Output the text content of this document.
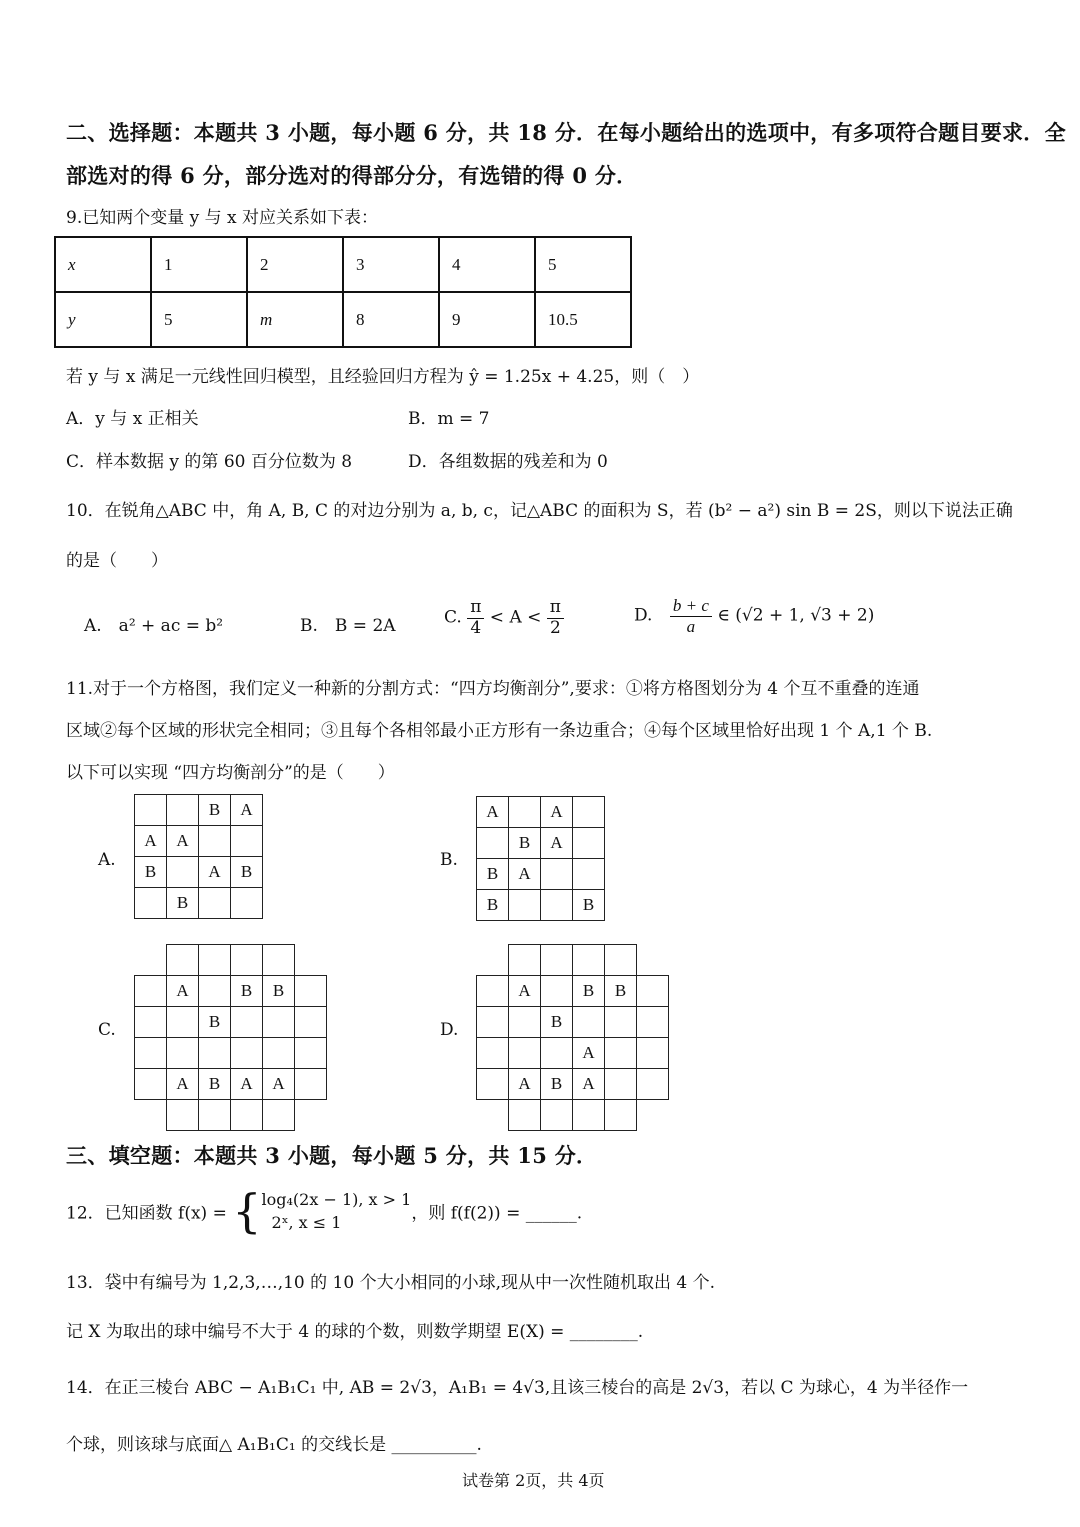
二、选择题：本题共 3 小题，每小题 6 分，共 18 分．在每小题给出的选项中，有多项符合题目要求．全
部选对的得 6 分，部分选对的得部分分，有选错的得 0 分．
9.已知两个变量 y 与 x 对应关系如下表：
x	1	2	3	4	5
y	5	m	8	9	10.5
若 y 与 x 满足一元线性回归模型，且经验回归方程为 ŷ = 1.25x + 4.25，则（　）
A．y 与 x 正相关	B．m = 7
C．样本数据 y 的第 60 百分位数为 8	D．各组数据的残差和为 0
10．在锐角△ABC 中，角 A, B, C 的对边分别为 a, b, c，记△ABC 的面积为 S，若 (b² − a²) sin B = 2S，则以下说法正确
的是（　　）
A.　a² + ac = b²	B.　B = 2A	C. $\frac{\pi}{4} < A < \frac{\pi}{2}$	D. $\frac{b + c}{a}$ ∈ (√2 + 1, √3 + 2)
11.对于一个方格图，我们定义一种新的分割方式：“四方均衡剖分”,要求：①将方格图划分为 4 个互不重叠的连通
区域②每个区域的形状完全相同；③且每个各相邻最小正方形有一条边重合；④每个区域里恰好出现 1 个 A,1 个 B.
以下可以实现 “四方均衡剖分”的是（　　）
A.
		B	A
A	A		
B		A	B
	B		
B.
A		A	
	B	A	
B	A		
B			B
C.

	A		B	B	
		B			

	A	B	A	A	

D.

	A		B	B	
		B			
			A		
	A	B	A		

三、填空题：本题共 3 小题，每小题 5 分，共 15 分．
12．已知函数 f(x) = { log₄(2x − 1), x > 1
2ˣ, x ≤ 1	，则 f(f(2)) = ______.
13．袋中有编号为 1,2,3,…,10 的 10 个大小相同的小球,现从中一次性随机取出 4 个.
记 X 为取出的球中编号不大于 4 的球的个数，则数学期望 E(X) = ________.
14．在正三棱台 ABC − A₁B₁C₁ 中, AB = 2√3，A₁B₁ = 4√3,且该三棱台的高是 2√3，若以 C 为球心，4 为半径作一
个球，则该球与底面△ A₁B₁C₁ 的交线长是 __________.
试卷第 2页，共 4页
